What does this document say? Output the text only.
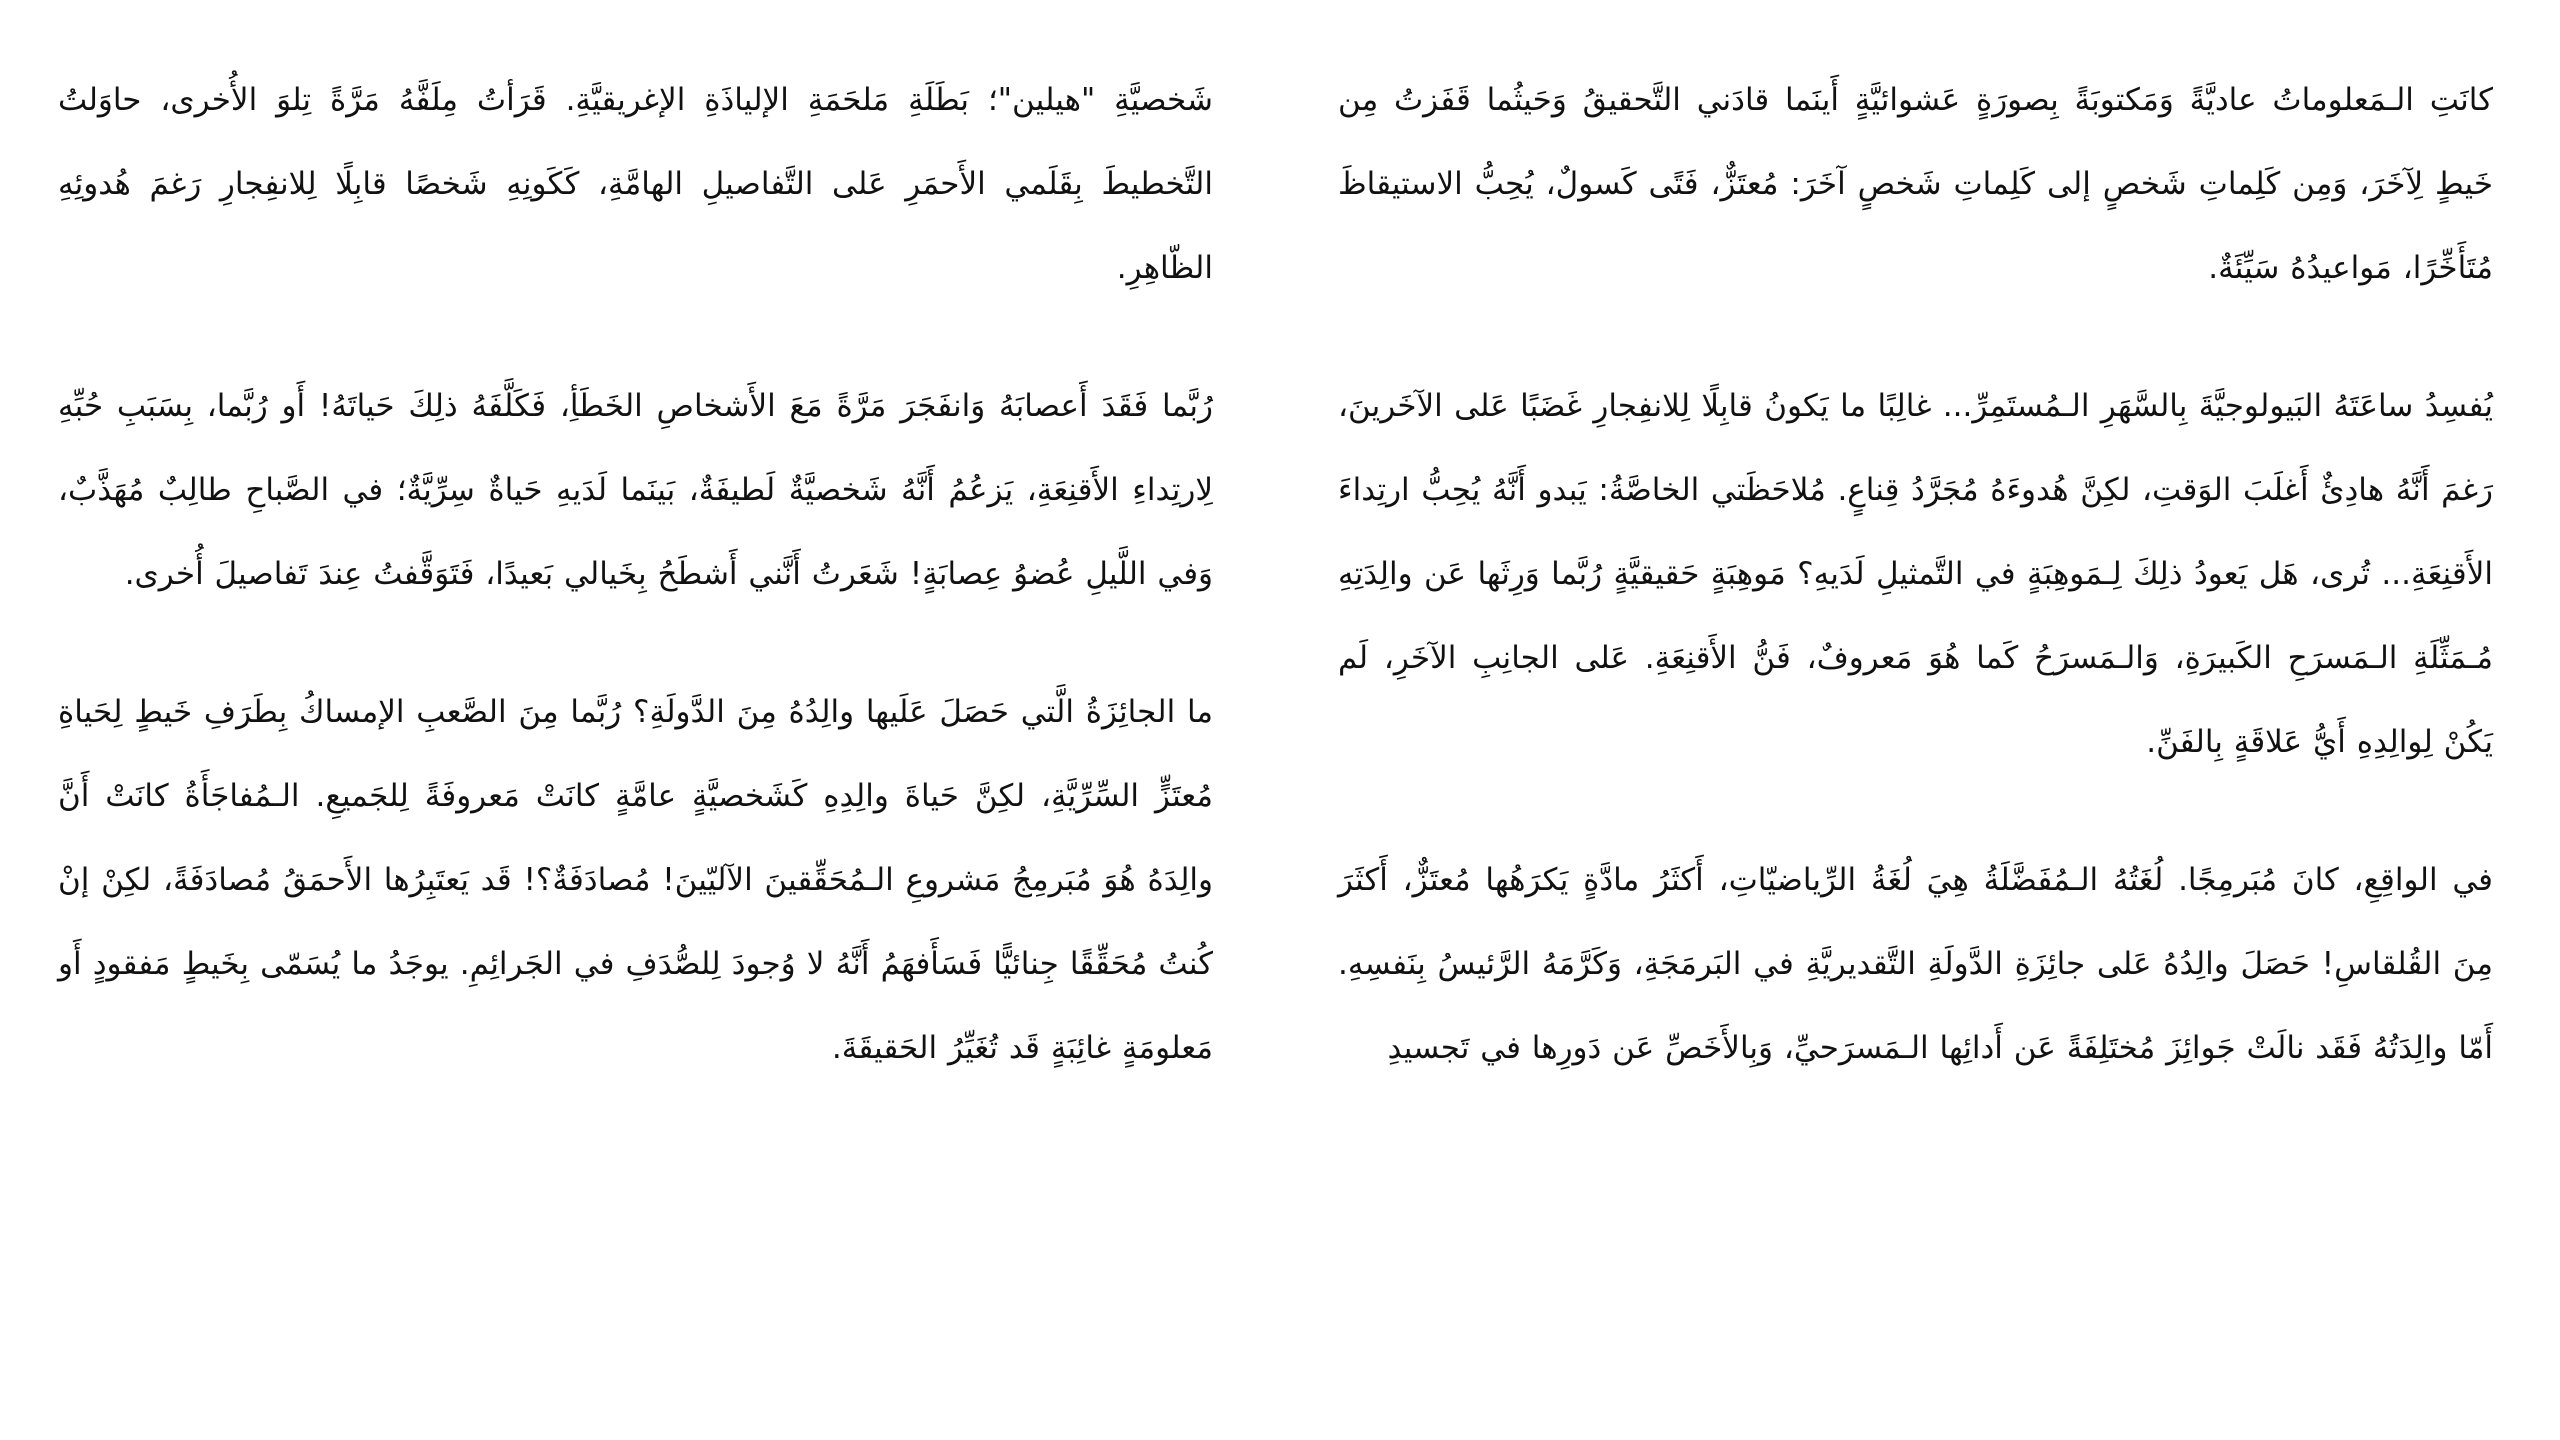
كانَتِ الـمَعلوماتُ عاديَّةً وَمَكتوبَةً بِصورَةٍ عَشوائيَّةٍ أَينَما قادَني التَّحقيقُ وَحَيثُما قَفَزتُ مِن خَيطٍ لِآخَرَ، وَمِن كَلِماتِ شَخصٍ إلى كَلِماتِ شَخصٍ آخَرَ: مُعتَزٌّ، فَتًى كَسولٌ، يُحِبُّ الاستيقاظَ مُتَأَخِّرًا، مَواعيدُهُ سَيِّئَةٌ.

يُفسِدُ ساعَتَهُ البَيولوجيَّةَ بِالسَّهَرِ الـمُستَمِرِّ... غالِبًا ما يَكونُ قابِلًا لِلانفِجارِ غَضَبًا عَلى الآخَرينَ، رَغمَ أَنَّهُ هادِئٌ أَغلَبَ الوَقتِ، لكِنَّ هُدوءَهُ مُجَرَّدُ قِناعٍ. مُلاحَظَتي الخاصَّةُ: يَبدو أَنَّهُ يُحِبُّ ارتِداءَ الأَقنِعَةِ... تُرى، هَل يَعودُ ذلِكَ لِـمَوهِبَةٍ في التَّمثيلِ لَدَيهِ؟ مَوهِبَةٍ حَقيقيَّةٍ رُبَّما وَرِثَها عَن والِدَتِهِ مُـمَثِّلَةِ الـمَسرَحِ الكَبيرَةِ، وَالـمَسرَحُ كَما هُوَ مَعروفٌ، فَنُّ الأَقنِعَةِ. عَلى الجانِبِ الآخَرِ، لَم يَكُنْ لِوالِدِهِ أَيُّ عَلاقَةٍ بِالفَنِّ.

في الواقِعِ، كانَ مُبَرمِجًا. لُغَتُهُ الـمُفَضَّلَةُ هِيَ لُغَةُ الرِّياضيّاتِ، أَكثَرُ مادَّةٍ يَكرَهُها مُعتَزٌّ، أَكثَرَ مِنَ القُلقاسِ! حَصَلَ والِدُهُ عَلى جائِزَةِ الدَّولَةِ التَّقديريَّةِ في البَرمَجَةِ، وَكَرَّمَهُ الرَّئيسُ بِنَفسِهِ. أَمّا والِدَتُهُ فَقَد نالَتْ جَوائِزَ مُختَلِفَةً عَن أَدائِها الـمَسرَحيِّ، وَبِالأَخَصِّ عَن دَورِها في تَجسيدِ

شَخصيَّةِ "هيلين"؛ بَطَلَةِ مَلحَمَةِ الإلياذَةِ الإغريقيَّةِ. قَرَأتُ مِلَفَّهُ مَرَّةً تِلوَ الأُخرى، حاوَلتُ التَّخطيطَ بِقَلَمي الأَحمَرِ عَلى التَّفاصيلِ الهامَّةِ، كَكَونِهِ شَخصًا قابِلًا لِلانفِجارِ رَغمَ هُدوئِهِ الظّاهِرِ.

رُبَّما فَقَدَ أَعصابَهُ وَانفَجَرَ مَرَّةً مَعَ الأَشخاصِ الخَطَأِ، فَكَلَّفَهُ ذلِكَ حَياتَهُ! أَو رُبَّما، بِسَبَبِ حُبِّهِ لِارتِداءِ الأَقنِعَةِ، يَزعُمُ أَنَّهُ شَخصيَّةٌ لَطيفَةٌ، بَينَما لَدَيهِ حَياةٌ سِرِّيَّةٌ؛ في الصَّباحِ طالِبٌ مُهَذَّبٌ، وَفي اللَّيلِ عُضوُ عِصابَةٍ! شَعَرتُ أَنَّني أَشطَحُ بِخَيالي بَعيدًا، فَتَوَقَّفتُ عِندَ تَفاصيلَ أُخرى.

ما الجائِزَةُ الَّتي حَصَلَ عَلَيها والِدُهُ مِنَ الدَّولَةِ؟ رُبَّما مِنَ الصَّعبِ الإمساكُ بِطَرَفِ خَيطٍ لِحَياةِ مُعتَزٍّ السِّرِّيَّةِ، لكِنَّ حَياةَ والِدِهِ كَشَخصيَّةٍ عامَّةٍ كانَتْ مَعروفَةً لِلجَميعِ. الـمُفاجَأَةُ كانَتْ أَنَّ والِدَهُ هُوَ مُبَرمِجُ مَشروعِ الـمُحَقِّقينَ الآليّينَ! مُصادَفَةٌ؟! قَد يَعتَبِرُها الأَحمَقُ مُصادَفَةً، لكِنْ إنْ كُنتُ مُحَقِّقًا جِنائيًّا فَسَأَفهَمُ أَنَّهُ لا وُجودَ لِلصُّدَفِ في الجَرائِمِ. يوجَدُ ما يُسَمّى بِخَيطٍ مَفقودٍ أَو مَعلومَةٍ غائِبَةٍ قَد تُغَيِّرُ الحَقيقَةَ.
